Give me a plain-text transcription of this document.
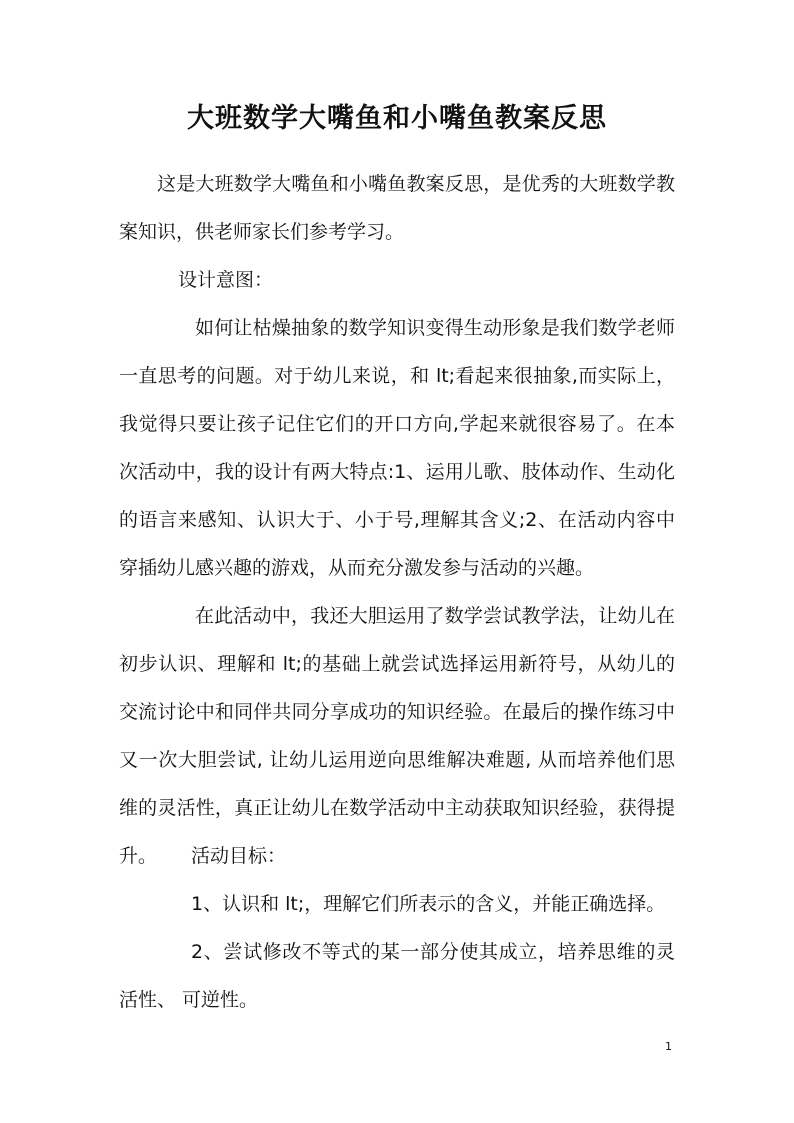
大班数学大嘴鱼和小嘴鱼教案反思

这是大班数学大嘴鱼和小嘴鱼教案反思，是优秀的大班数学教案知识，供老师家长们参考学习。

设计意图：

如何让枯燥抽象的数学知识变得生动形象是我们数学老师一直思考的问题。对于幼儿来说，和 lt;看起来很抽象,而实际上，我觉得只要让孩子记住它们的开口方向,学起来就很容易了。在本次活动中，我的设计有两大特点:1、运用儿歌、肢体动作、生动化的语言来感知、认识大于、小于号,理解其含义;2、在活动内容中穿插幼儿感兴趣的游戏，从而充分激发参与活动的兴趣。

在此活动中，我还大胆运用了数学尝试教学法，让幼儿在初步认识、理解和 lt;的基础上就尝试选择运用新符号，从幼儿的交流讨论中和同伴共同分享成功的知识经验。在最后的操作练习中又一次大胆尝试, 让幼儿运用逆向思维解决难题, 从而培养他们思维的灵活性，真正让幼儿在数学活动中主动获取知识经验，获得提升。	活动目标：

1、认识和 lt;，理解它们所表示的含义，并能正确选择。

2、尝试修改不等式的某一部分使其成立，培养思维的灵活性、 可逆性。

1
